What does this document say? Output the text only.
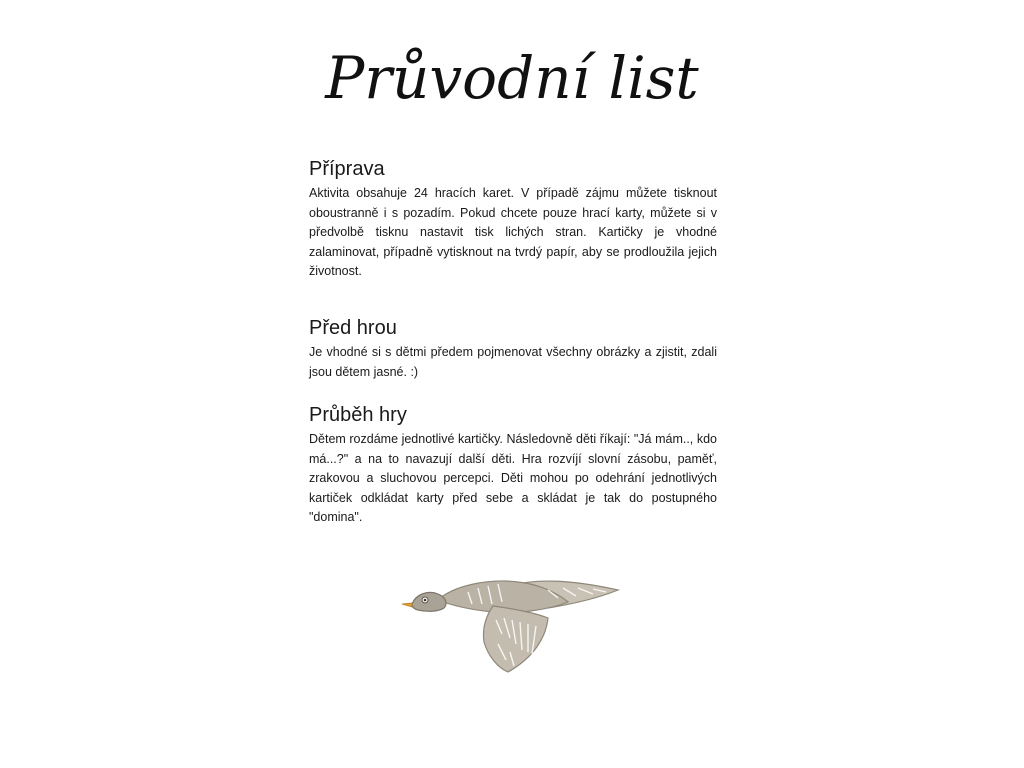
Průvodní list
Příprava

Aktivita obsahuje 24 hracích karet. V případě zájmu můžete tisknout oboustranně i s pozadím. Pokud chcete pouze hrací karty, můžete si v předvolbě tisknu nastavit tisk lichých stran. Kartičky je vhodné zalaminovat, případně vytisknout na tvrdý papír, aby se prodloužila jejich životnost.

Před hrou

Je vhodné si s dětmi předem pojmenovat všechny obrázky a zjistit, zdali jsou dětem jasné. :)

Průběh hry

Dětem rozdáme jednotlivé kartičky. Následovně děti říkají: "Já mám.., kdo má...?" a na to navazují další děti. Hra rozvíjí slovní zásobu, paměť, zrakovou a sluchovou percepci. Děti mohou po odehrání jednotlivých kartiček odkládat karty před sebe a skládat je tak do postupného "domina".
